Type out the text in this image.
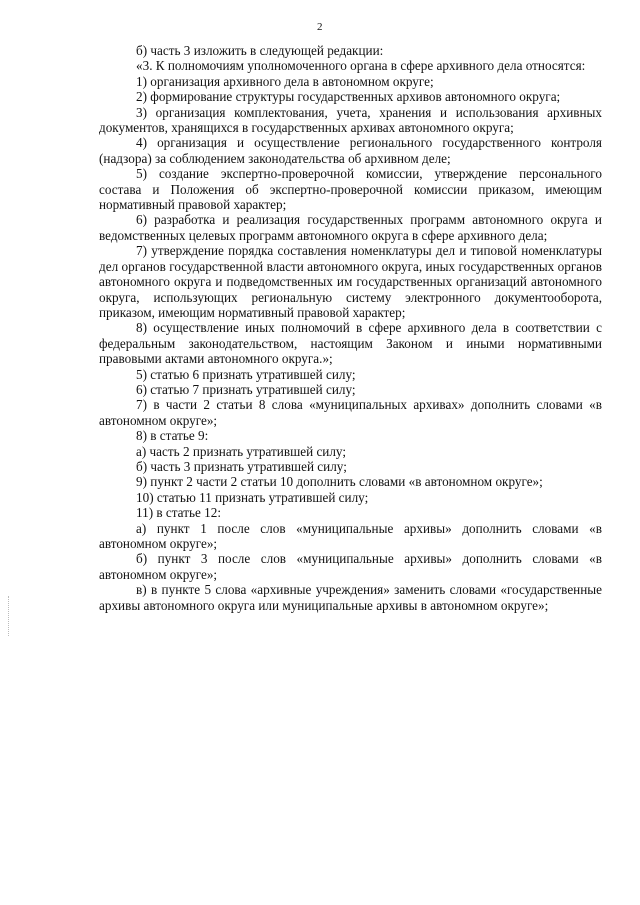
2

б) часть 3 изложить в следующей редакции:

«3. К полномочиям уполномоченного органа в сфере архивного дела относятся:

1) организация архивного дела в автономном округе;

2) формирование структуры государственных архивов автономного округа;

3) организация комплектования, учета, хранения и использования архивных документов, хранящихся в государственных архивах автономного округа;

4) организация и осуществление регионального государственного контроля (надзора) за соблюдением законодательства об архивном деле;

5) создание экспертно-проверочной комиссии, утверждение персонального состава и Положения об экспертно-проверочной комиссии приказом, имеющим нормативный правовой характер;

6) разработка и реализация государственных программ автономного округа и ведомственных целевых программ автономного округа в сфере архивного дела;

7) утверждение порядка составления номенклатуры дел и типовой номенклатуры дел органов государственной власти автономного округа, иных государственных органов автономного округа и подведомственных им государственных организаций автономного округа, использующих региональную систему электронного документооборота, приказом, имеющим нормативный правовой характер;

8) осуществление иных полномочий в сфере архивного дела в соответствии с федеральным законодательством, настоящим Законом и иными нормативными правовыми актами автономного округа.»;

5) статью 6 признать утратившей силу;

6) статью 7 признать утратившей силу;

7) в части 2 статьи 8 слова «муниципальных архивах» дополнить словами «в автономном округе»;

8) в статье 9:

а) часть 2 признать утратившей силу;

б) часть 3 признать утратившей силу;

9) пункт 2 части 2 статьи 10 дополнить словами «в автономном округе»;

10) статью 11 признать утратившей силу;

11) в статье 12:

а) пункт 1 после слов «муниципальные архивы» дополнить словами «в автономном округе»;

б) пункт 3 после слов «муниципальные архивы» дополнить словами «в автономном округе»;

в) в пункте 5 слова «архивные учреждения» заменить словами «государственные архивы автономного округа или муниципальные архивы в автономном округе»;
